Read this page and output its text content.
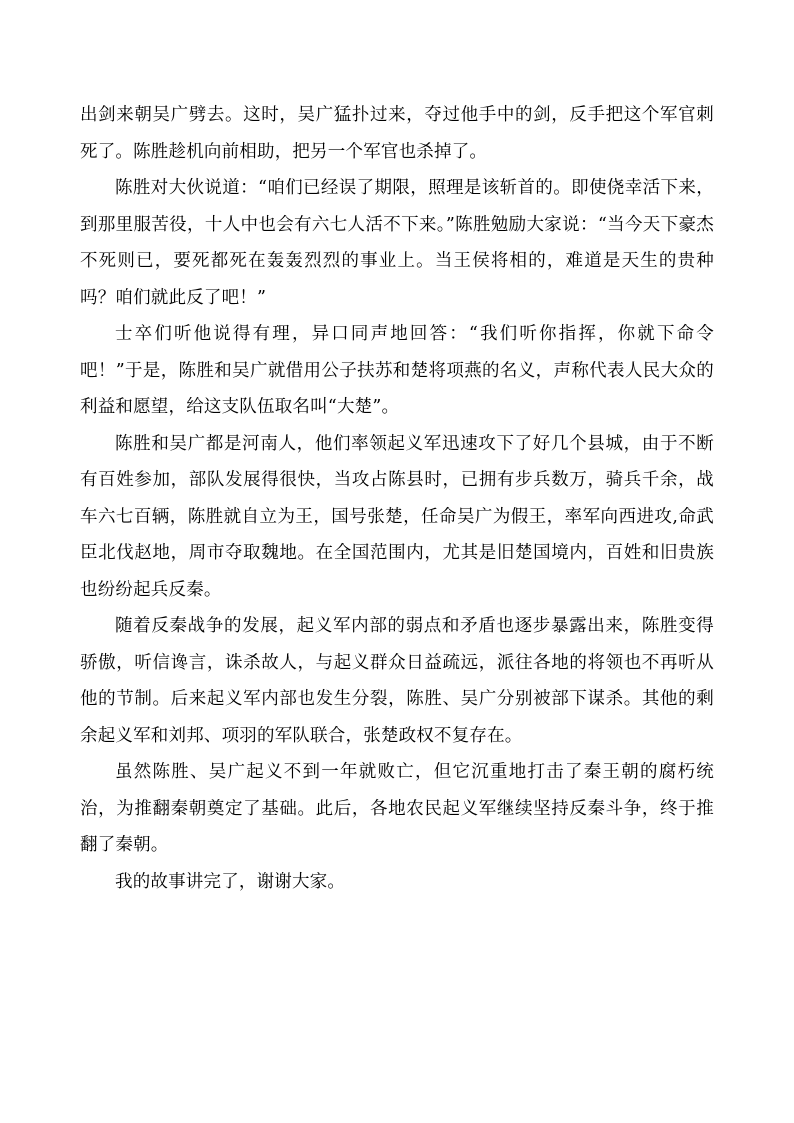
出剑来朝吴广劈去。这时，吴广猛扑过来，夺过他手中的剑，反手把这个军官刺死了。陈胜趁机向前相助，把另一个军官也杀掉了。

陈胜对大伙说道：“咱们已经误了期限，照理是该斩首的。即使侥幸活下来，到那里服苦役，十人中也会有六七人活不下来。”陈胜勉励大家说：“当今天下豪杰不死则已，要死都死在轰轰烈烈的事业上。当王侯将相的，难道是天生的贵种吗？咱们就此反了吧！”

士卒们听他说得有理，异口同声地回答：“我们听你指挥，你就下命令吧！”于是，陈胜和吴广就借用公子扶苏和楚将项燕的名义，声称代表人民大众的利益和愿望，给这支队伍取名叫“大楚”。

陈胜和吴广都是河南人，他们率领起义军迅速攻下了好几个县城，由于不断有百姓参加，部队发展得很快，当攻占陈县时，已拥有步兵数万，骑兵千余，战车六七百辆，陈胜就自立为王，国号张楚，任命吴广为假王，率军向西进攻,命武臣北伐赵地，周市夺取魏地。在全国范围内，尤其是旧楚国境内，百姓和旧贵族也纷纷起兵反秦。

随着反秦战争的发展，起义军内部的弱点和矛盾也逐步暴露出来，陈胜变得骄傲，听信谗言，诛杀故人，与起义群众日益疏远，派往各地的将领也不再听从他的节制。后来起义军内部也发生分裂，陈胜、吴广分别被部下谋杀。其他的剩余起义军和刘邦、项羽的军队联合，张楚政权不复存在。

虽然陈胜、吴广起义不到一年就败亡，但它沉重地打击了秦王朝的腐朽统治，为推翻秦朝奠定了基础。此后，各地农民起义军继续坚持反秦斗争，终于推翻了秦朝。

我的故事讲完了，谢谢大家。
